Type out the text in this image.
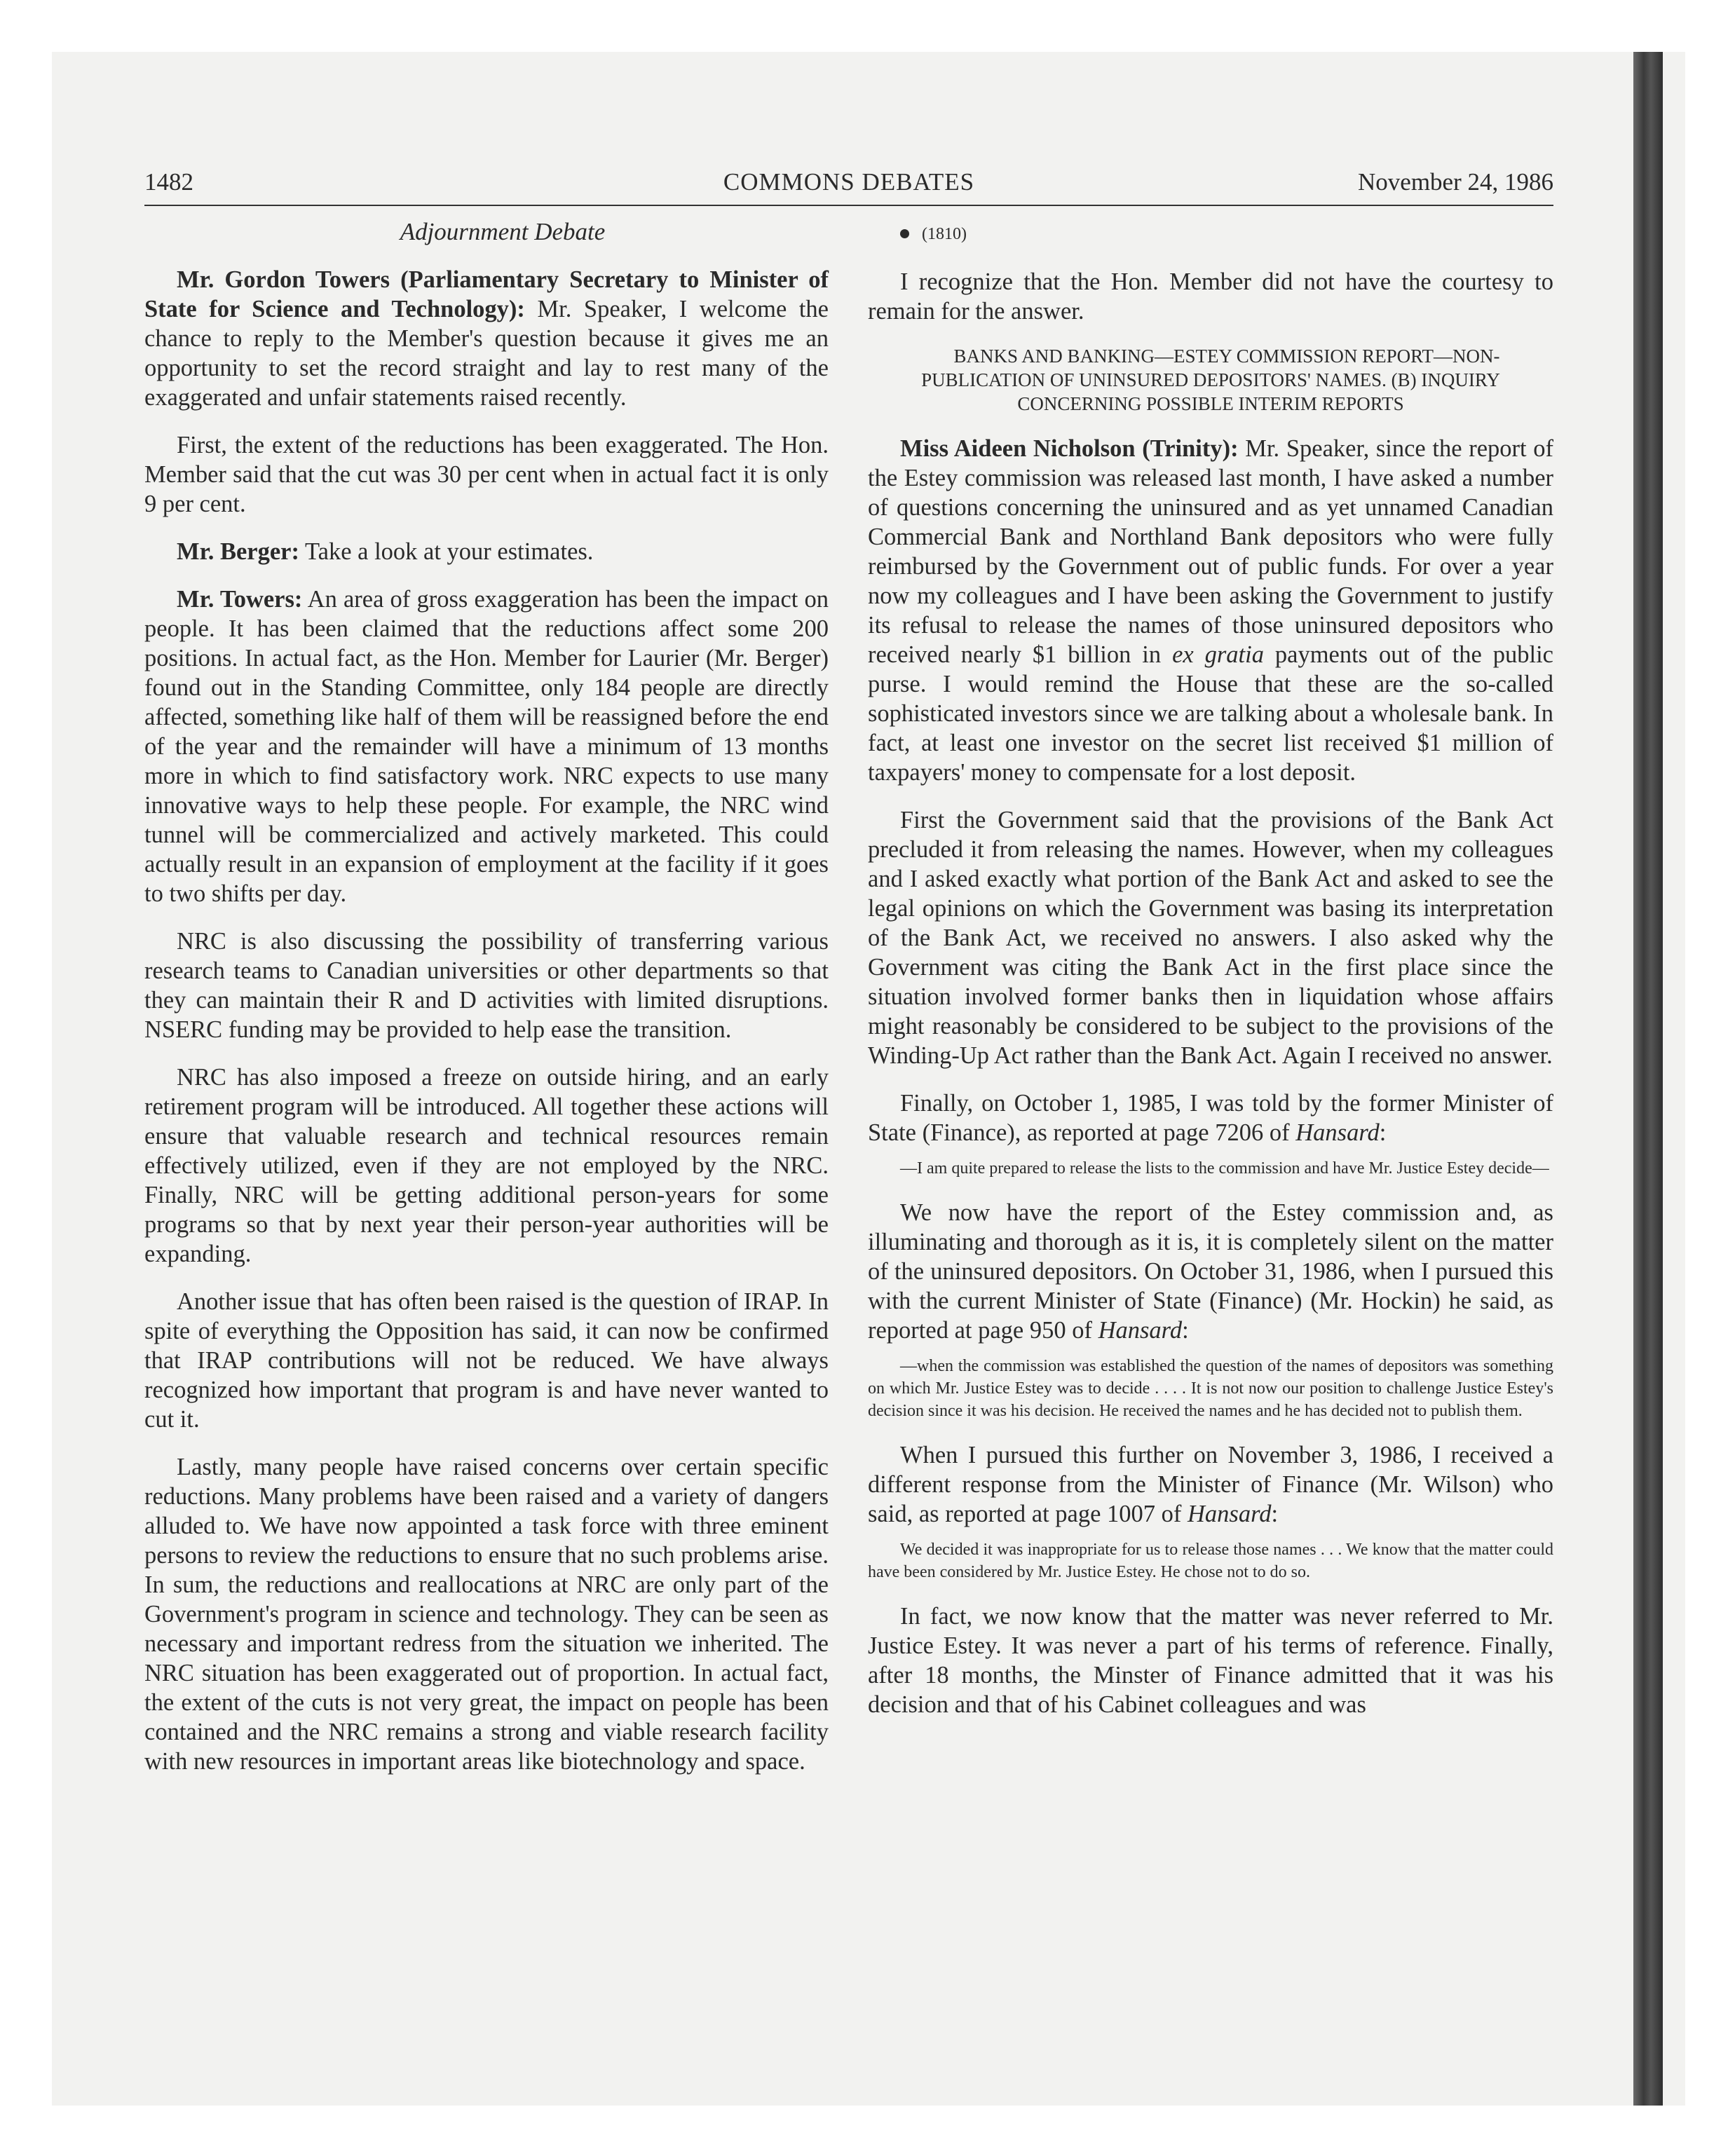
1482	COMMONS DEBATES	November 24, 1986

Adjournment Debate

Mr. Gordon Towers (Parliamentary Secretary to Minister of State for Science and Technology): Mr. Speaker, I welcome the chance to reply to the Member's question because it gives me an opportunity to set the record straight and lay to rest many of the exaggerated and unfair statements raised recently.

First, the extent of the reductions has been exaggerated. The Hon. Member said that the cut was 30 per cent when in actual fact it is only 9 per cent.

Mr. Berger: Take a look at your estimates.

Mr. Towers: An area of gross exaggeration has been the impact on people. It has been claimed that the reductions affect some 200 positions. In actual fact, as the Hon. Member for Laurier (Mr. Berger) found out in the Standing Committee, only 184 people are directly affected, something like half of them will be reassigned before the end of the year and the remainder will have a minimum of 13 months more in which to find satisfactory work. NRC expects to use many innovative ways to help these people. For example, the NRC wind tunnel will be commercialized and actively marketed. This could actually result in an expansion of employment at the facility if it goes to two shifts per day.

NRC is also discussing the possibility of transferring various research teams to Canadian universities or other departments so that they can maintain their R and D activities with limited disruptions. NSERC funding may be provided to help ease the transition.

NRC has also imposed a freeze on outside hiring, and an early retirement program will be introduced. All together these actions will ensure that valuable research and technical resources remain effectively utilized, even if they are not employed by the NRC. Finally, NRC will be getting additional person-years for some programs so that by next year their person-year authorities will be expanding.

Another issue that has often been raised is the question of IRAP. In spite of everything the Opposition has said, it can now be confirmed that IRAP contributions will not be reduced. We have always recognized how important that program is and have never wanted to cut it.

Lastly, many people have raised concerns over certain specific reductions. Many problems have been raised and a variety of dangers alluded to. We have now appointed a task force with three eminent persons to review the reductions to ensure that no such problems arise. In sum, the reductions and reallocations at NRC are only part of the Government's program in science and technology. They can be seen as necessary and important redress from the situation we inherited. The NRC situation has been exaggerated out of proportion. In actual fact, the extent of the cuts is not very great, the impact on people has been contained and the NRC remains a strong and viable research facility with new resources in important areas like biotechnology and space.

(1810)

I recognize that the Hon. Member did not have the courtesy to remain for the answer.

BANKS AND BANKING—ESTEY COMMISSION REPORT—NON-PUBLICATION OF UNINSURED DEPOSITORS' NAMES. (B) INQUIRY CONCERNING POSSIBLE INTERIM REPORTS

Miss Aideen Nicholson (Trinity): Mr. Speaker, since the report of the Estey commission was released last month, I have asked a number of questions concerning the uninsured and as yet unnamed Canadian Commercial Bank and Northland Bank depositors who were fully reimbursed by the Government out of public funds. For over a year now my colleagues and I have been asking the Government to justify its refusal to release the names of those uninsured depositors who received nearly $1 billion in ex gratia payments out of the public purse. I would remind the House that these are the so-called sophisticated investors since we are talking about a wholesale bank. In fact, at least one investor on the secret list received $1 million of taxpayers' money to compensate for a lost deposit.

First the Government said that the provisions of the Bank Act precluded it from releasing the names. However, when my colleagues and I asked exactly what portion of the Bank Act and asked to see the legal opinions on which the Government was basing its interpretation of the Bank Act, we received no answers. I also asked why the Government was citing the Bank Act in the first place since the situation involved former banks then in liquidation whose affairs might reasonably be considered to be subject to the provisions of the Winding-Up Act rather than the Bank Act. Again I received no answer.

Finally, on October 1, 1985, I was told by the former Minister of State (Finance), as reported at page 7206 of Hansard:

—I am quite prepared to release the lists to the commission and have Mr. Justice Estey decide—

We now have the report of the Estey commission and, as illuminating and thorough as it is, it is completely silent on the matter of the uninsured depositors. On October 31, 1986, when I pursued this with the current Minister of State (Finance) (Mr. Hockin) he said, as reported at page 950 of Hansard:

—when the commission was established the question of the names of depositors was something on which Mr. Justice Estey was to decide . . . . It is not now our position to challenge Justice Estey's decision since it was his decision. He received the names and he has decided not to publish them.

When I pursued this further on November 3, 1986, I received a different response from the Minister of Finance (Mr. Wilson) who said, as reported at page 1007 of Hansard:

We decided it was inappropriate for us to release those names . . . We know that the matter could have been considered by Mr. Justice Estey. He chose not to do so.

In fact, we now know that the matter was never referred to Mr. Justice Estey. It was never a part of his terms of reference. Finally, after 18 months, the Minster of Finance admitted that it was his decision and that of his Cabinet colleagues and was
